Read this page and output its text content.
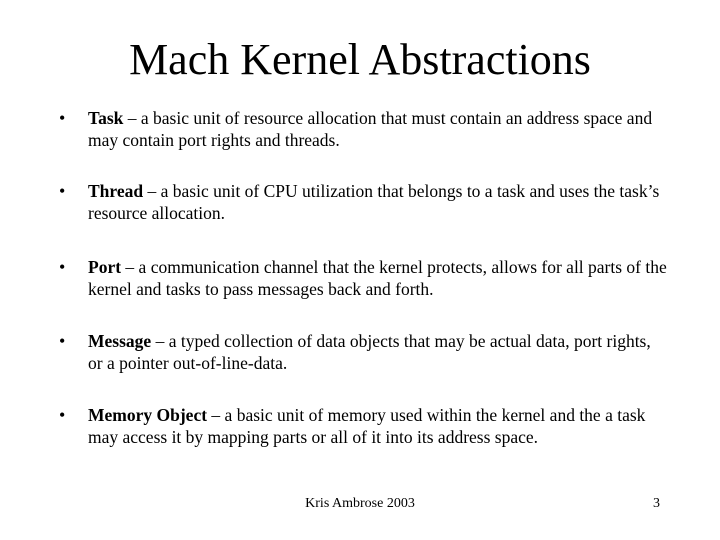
Mach Kernel Abstractions
• Task – a basic unit of resource allocation that must contain an address space and may contain port rights and threads.

• Thread – a basic unit of CPU utilization that belongs to a task and uses the task’s resource allocation.

• Port – a communication channel that the kernel protects, allows for all parts of the kernel and tasks to pass messages back and forth.

• Message – a typed collection of data objects that may be actual data, port rights, or a pointer out-of-line-data.

• Memory Object – a basic unit of memory used within the kernel and the a task may access it by mapping parts or all of it into its address space.

Kris Ambrose 2003	3
